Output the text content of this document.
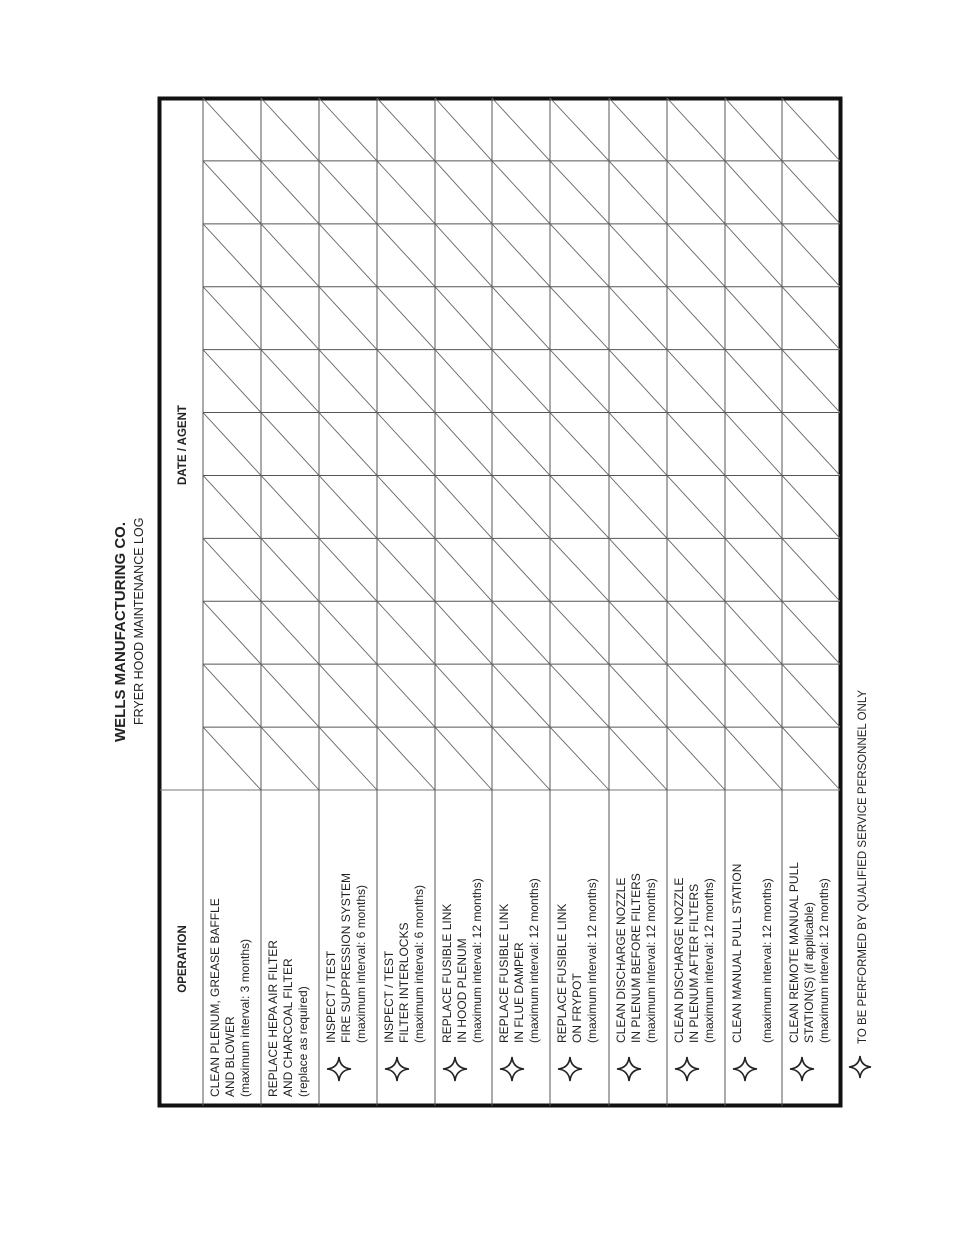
WELLS MANUFACTURING CO. FRYER HOOD MAINTENANCE LOG
OPERATION
DATE / AGENT
CLEAN PLENUM, GREASE BAFFLE AND BLOWER (maximum interval: 3 months) REPLACE HEPA AIR FILTER AND CHARCOAL FILTER (replace as required) INSPECT / TEST FIRE SUPPRESSION SYSTEM (maximum interval: 6 months) INSPECT / TEST FILTER INTERLOCKS (maximum interval: 6 months) REPLACE FUSIBLE LINK IN HOOD PLENUM (maximum interval: 12 months) REPLACE FUSIBLE LINK IN FLUE DAMPER (maximum interval: 12 months) REPLACE FUSIBLE LINK ON FRYPOT (maximum interval: 12 months) CLEAN DISCHARGE NOZZLE IN PLENUM BEFORE FILTERS (maximum interval: 12 months) CLEAN DISCHARGE NOZZLE IN PLENUM AFTER FILTERS (maximum interval: 12 months) CLEAN MANUAL PULL STATION (maximum interval: 12 months) CLEAN REMOTE MANUAL PULL STATION(S) (if applicable) (maximum interval: 12 months) TO BE PERFORMED BY QUALIFIED SERVICE PERSONNEL ONLY
